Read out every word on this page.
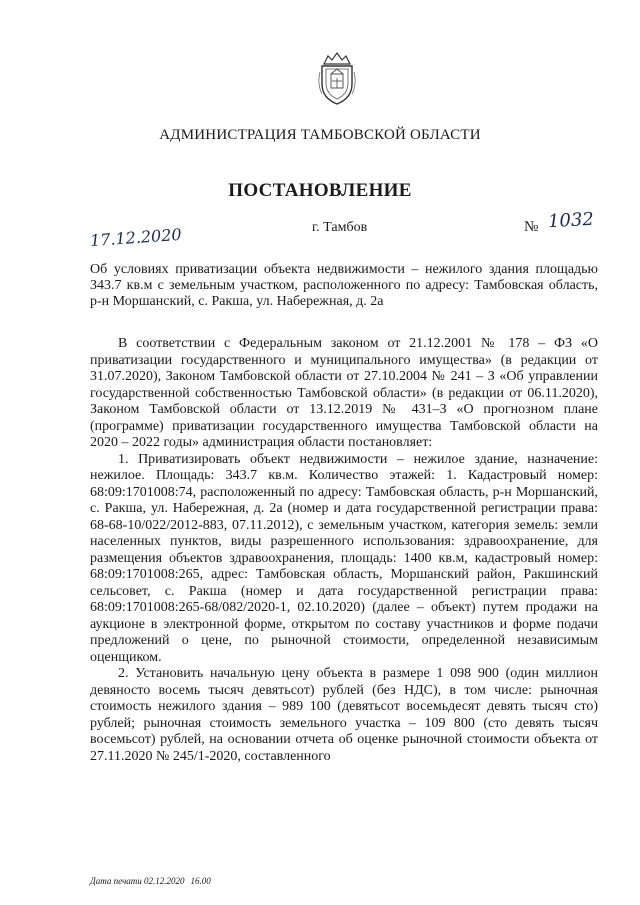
АДМИНИСТРАЦИЯ ТАМБОВСКОЙ ОБЛАСТИ
ПОСТАНОВЛЕНИЕ
17.12.2020	г. Тамбов	№ 1032
Об условиях приватизации объекта недвижимости – нежилого здания площадью 343.7 кв.м с земельным участком, расположенного по адресу: Тамбовская область, р-н Моршанский, с. Ракша, ул. Набережная, д. 2а

В соответствии с Федеральным законом от 21.12.2001 № 178 – ФЗ «О приватизации государственного и муниципального имущества» (в редакции от 31.07.2020), Законом Тамбовской области от 27.10.2004 № 241 – З «Об управлении государственной собственностью Тамбовской области» (в редакции от 06.11.2020), Законом Тамбовской области от 13.12.2019 № 431–З «О прогнозном плане (программе) приватизации государственного имущества Тамбовской области на 2020 – 2022 годы» администрация области постановляет:

1. Приватизировать объект недвижимости – нежилое здание, назначение: нежилое. Площадь: 343.7 кв.м. Количество этажей: 1. Кадастровый номер: 68:09:1701008:74, расположенный по адресу: Тамбовская область, р-н Моршанский, с. Ракша, ул. Набережная, д. 2а (номер и дата государственной регистрации права: 68-68-10/022/2012-883, 07.11.2012), с земельным участком, категория земель: земли населенных пунктов, виды разрешенного использования: здравоохранение, для размещения объектов здравоохранения, площадь: 1400 кв.м, кадастровый номер: 68:09:1701008:265, адрес: Тамбовская область, Моршанский район, Ракшинский сельсовет, с. Ракша (номер и дата государственной регистрации права: 68:09:1701008:265-68/082/2020-1, 02.10.2020) (далее – объект) путем продажи на аукционе в электронной форме, открытом по составу участников и форме подачи предложений о цене, по рыночной стоимости, определенной независимым оценщиком.

2. Установить начальную цену объекта в размере 1 098 900 (один миллион девяносто восемь тысяч девятьсот) рублей (без НДС), в том числе: рыночная стоимость нежилого здания – 989 100 (девятьсот восемьдесят девять тысяч сто) рублей; рыночная стоимость земельного участка – 109 800 (сто девять тысяч восемьсот) рублей, на основании отчета об оценке рыночной стоимости объекта от 27.11.2020 № 245/1-2020, составленного

Дата печати 02.12.2020 16.00
